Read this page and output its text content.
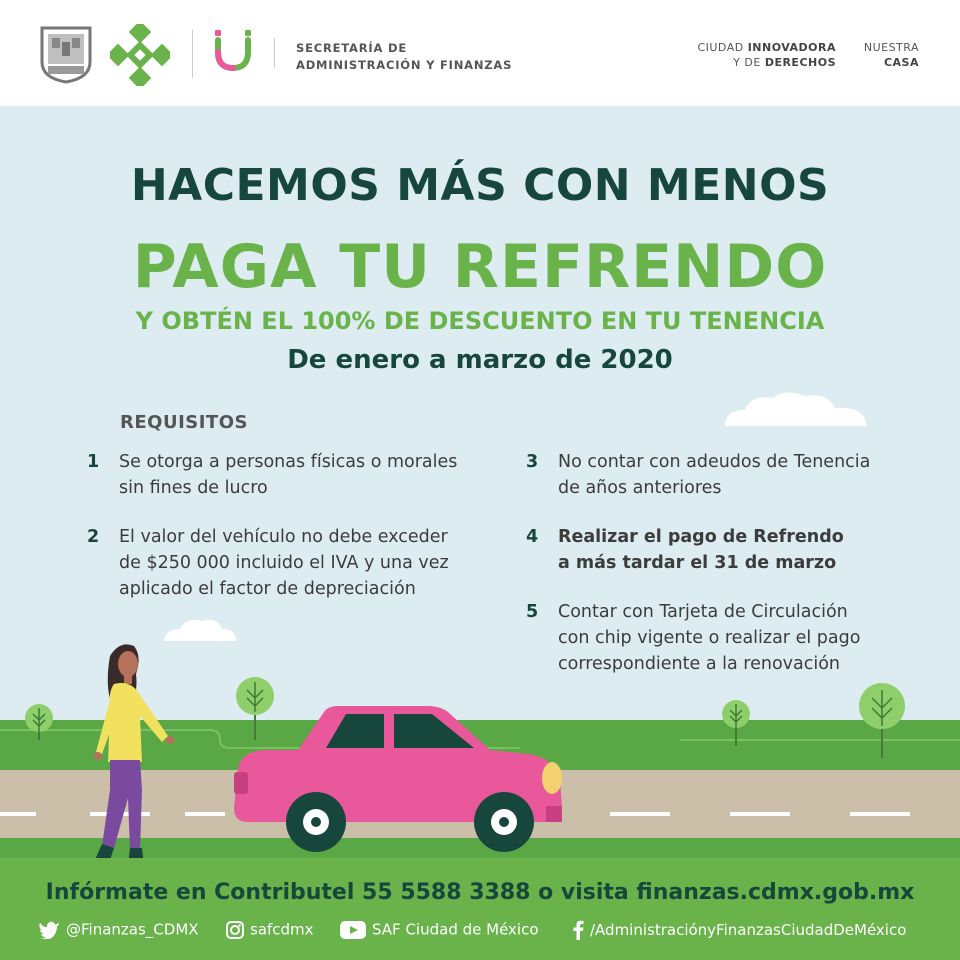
SECRETARÍA DE
ADMINISTRACIÓN Y FINANZAS
CIUDAD INNOVADORA
Y DE DERECHOS
NUESTRA
CASA
HACEMOS MÁS CON MENOS
PAGA TU REFRENDO
Y OBTÉN EL 100% DE DESCUENTO EN TU TENENCIA
De enero a marzo de 2020
REQUISITOS
1 Se otorga a personas físicas o morales
sin fines de lucro
2 El valor del vehículo no debe exceder
de $250 000 incluido el IVA y una vez
aplicado el factor de depreciación
3 No contar con adeudos de Tenencia
de años anteriores
4 Realizar el pago de Refrendo
a más tardar el 31 de marzo
5 Contar con Tarjeta de Circulación
con chip vigente o realizar el pago
correspondiente a la renovación
Infórmate en Contributel 55 5588 3388 o visita finanzas.cdmx.gob.mx
@Finanzas_CDMX	safcdmx	SAF Ciudad de México	/AdministraciónyFinanzasCiudadDeMéxico
